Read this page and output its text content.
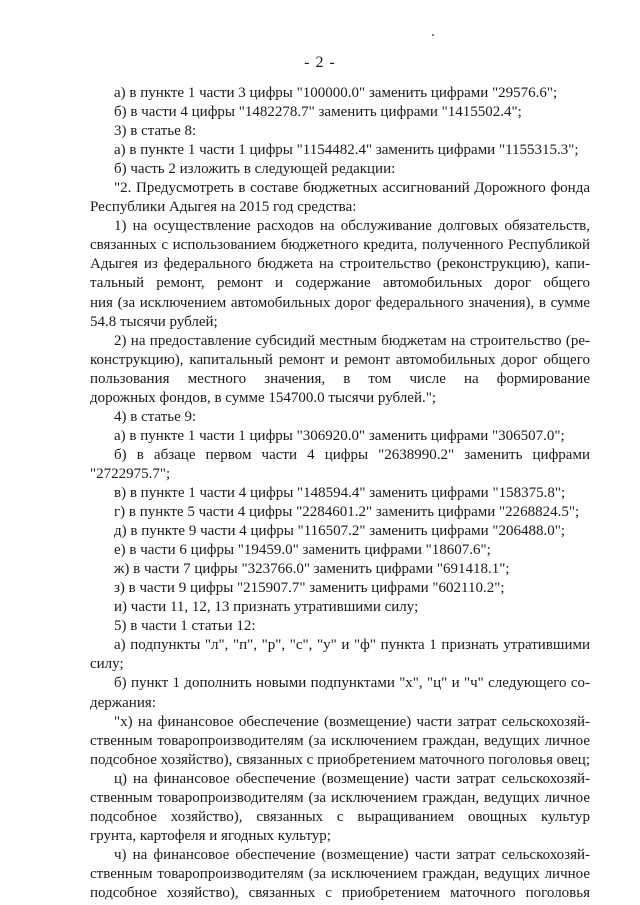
- 2 -
а) в пункте 1 части 3 цифры "100000.0" заменить цифрами "29576.6";
б) в части 4 цифры "1482278.7" заменить цифрами "1415502.4";
3) в статье 8:
а) в пункте 1 части 1 цифры "1154482.4" заменить цифрами "1155315.3";
б) часть 2 изложить в следующей редакции:
"2. Предусмотреть в составе бюджетных ассигнований Дорожного фонда
Республики Адыгея на 2015 год средства:
1) на осуществление расходов на обслуживание долговых обязательств,
связанных с использованием бюджетного кредита, полученного Республикой
Адыгея из федерального бюджета на строительство (реконструкцию), капи-
тальный ремонт, ремонт и содержание автомобильных дорог общего
ния (за исключением автомобильных дорог федерального значения), в сумме
54.8 тысячи рублей;
2) на предоставление субсидий местным бюджетам на строительство (ре-
конструкцию), капитальный ремонт и ремонт автомобильных дорог общего
пользования местного значения, в том числе на формирование
дорожных фондов, в сумме 154700.0 тысячи рублей.";
4) в статье 9:
а) в пункте 1 части 1 цифры "306920.0" заменить цифрами "306507.0";
б) в абзаце первом части 4 цифры "2638990.2" заменить цифрами
"2722975.7";
в) в пункте 1 части 4 цифры "148594.4" заменить цифрами "158375.8";
г) в пункте 5 части 4 цифры "2284601.2" заменить цифрами "2268824.5";
д) в пункте 9 части 4 цифры "116507.2" заменить цифрами "206488.0";
е) в части 6 цифры "19459.0" заменить цифрами "18607.6";
ж) в части 7 цифры "323766.0" заменить цифрами "691418.1";
з) в части 9 цифры "215907.7" заменить цифрами "602110.2";
и) части 11, 12, 13 признать утратившими силу;
5) в части 1 статьи 12:
а) подпункты "л", "п", "р", "с", "у" и "ф" пункта 1 признать утратившими
силу;
б) пункт 1 дополнить новыми подпунктами "х", "ц" и "ч" следующего со-
держания:
"х) на финансовое обеспечение (возмещение) части затрат сельскохозяй-
ственным товаропроизводителям (за исключением граждан, ведущих личное
подсобное хозяйство), связанных с приобретением маточного поголовья овец;
ц) на финансовое обеспечение (возмещение) части затрат сельскохозяй-
ственным товаропроизводителям (за исключением граждан, ведущих личное
подсобное хозяйство), связанных с выращиванием овощных культур
грунта, картофеля и ягодных культур;
ч) на финансовое обеспечение (возмещение) части затрат сельскохозяй-
ственным товаропроизводителям (за исключением граждан, ведущих личное
подсобное хозяйство), связанных с приобретением маточного поголовья
